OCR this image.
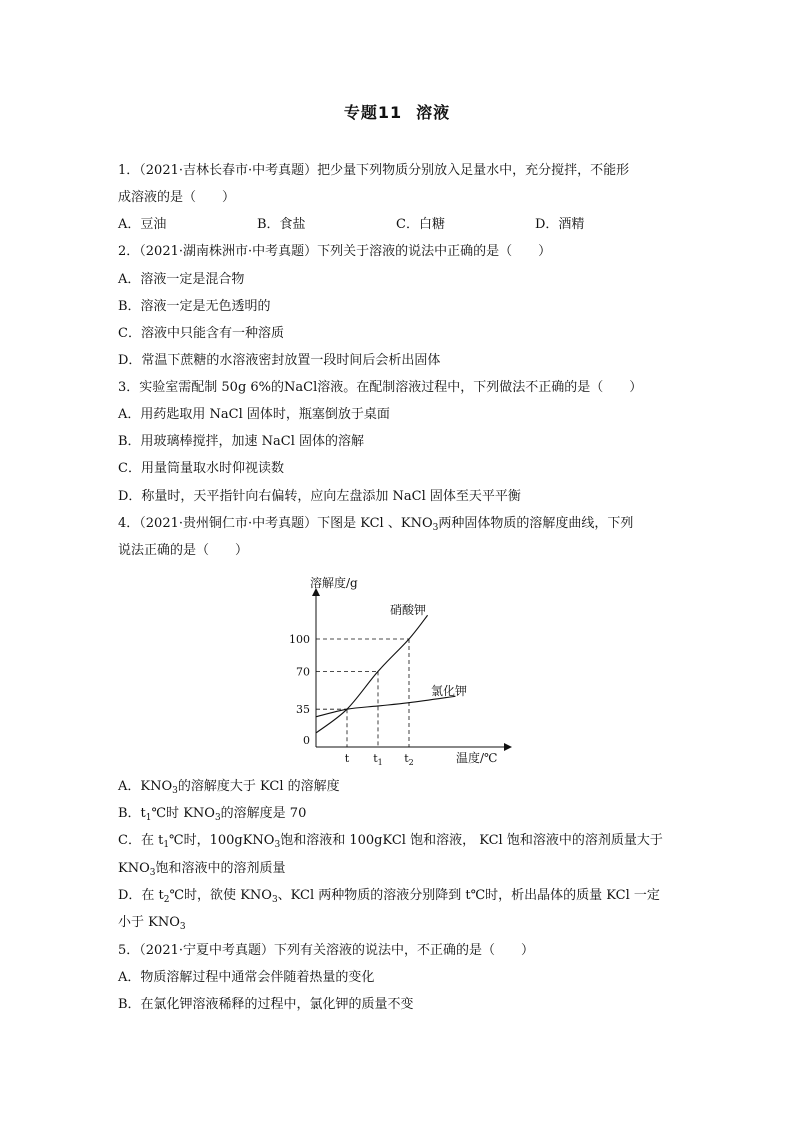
专题11 溶液
1．（2021·吉林长春市·中考真题）把少量下列物质分别放入足量水中，充分搅拌，不能形
成溶液的是（　　）
A．豆油	B．食盐	C．白糖	D．酒精
2．（2021·湖南株洲市·中考真题）下列关于溶液的说法中正确的是（　　）
A．溶液一定是混合物
B．溶液一定是无色透明的
C．溶液中只能含有一种溶质
D．常温下蔗糖的水溶液密封放置一段时间后会析出固体
3．实验室需配制 50g 6%的NaCl溶液。在配制溶液过程中，下列做法不正确的是（　　）
A．用药匙取用 NaCl 固体时，瓶塞倒放于桌面
B．用玻璃棒搅拌，加速 NaCl 固体的溶解
C．用量筒量取水时仰视读数
D．称量时，天平指针向右偏转，应向左盘添加 NaCl 固体至天平平衡
4．（2021·贵州铜仁市·中考真题）下图是 KCl 、$KNO_3$两种固体物质的溶解度曲线，下列
说法正确的是（　　）
溶解度/g
温度/℃
硝酸钾
氯化钾
0
35
70
100
t $t_1$ $t_2$
A．$KNO_3$的溶解度大于 KCl 的溶解度
B．$t_1℃$时 $KNO_3$的溶解度是 70
C．在 $t_1℃$时，100gKNO$_3$饱和溶液和 100gKCl 饱和溶液， KCl 饱和溶液中的溶剂质量大于
$KNO_3$饱和溶液中的溶剂质量
D．在 $t_2℃$时，欲使 $KNO_3$、KCl 两种物质的溶液分别降到 t℃时，析出晶体的质量 KCl 一定
小于 $KNO_3$
5．（2021·宁夏中考真题）下列有关溶液的说法中，不正确的是（　　）
A．物质溶解过程中通常会伴随着热量的变化
B．在氯化钾溶液稀释的过程中，氯化钾的质量不变
